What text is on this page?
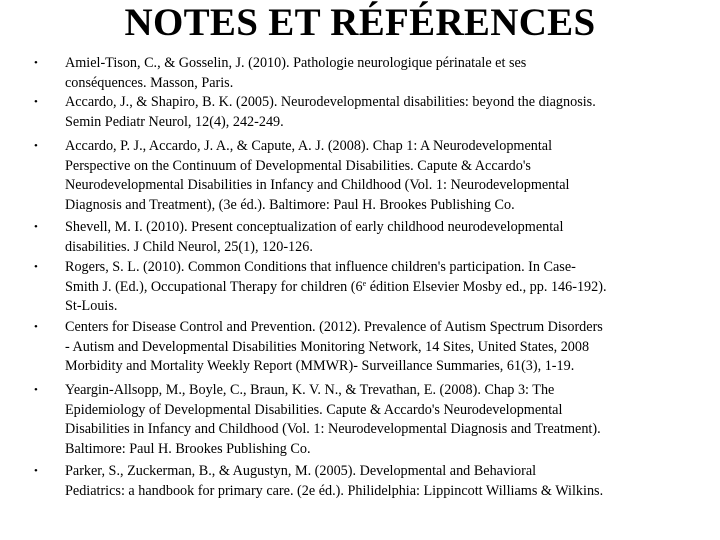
NOTES ET RÉFÉRENCES
•	Amiel-Tison, C., & Gosselin, J. (2010). Pathologie neurologique périnatale et ses
conséquences. Masson, Paris.
•	Accardo, J., & Shapiro, B. K. (2005). Neurodevelopmental disabilities: beyond the diagnosis.
Semin Pediatr Neurol, 12(4), 242-249.
•	Accardo, P. J., Accardo, J. A., & Capute, A. J. (2008). Chap 1: A Neurodevelopmental
Perspective on the Continuum of Developmental Disabilities. Capute & Accardo's
Neurodevelopmental Disabilities in Infancy and Childhood (Vol. 1: Neurodevelopmental
Diagnosis and Treatment), (3e éd.). Baltimore: Paul H. Brookes Publishing Co.
•	Shevell, M. I. (2010). Present conceptualization of early childhood neurodevelopmental
disabilities. J Child Neurol, 25(1), 120-126.
•	Rogers, S. L. (2010). Common Conditions that influence children's participation. In Case-
Smith J. (Ed.), Occupational Therapy for children (6e édition Elsevier Mosby ed., pp. 146-192).
St-Louis.
•	Centers for Disease Control and Prevention. (2012). Prevalence of Autism Spectrum Disorders
- Autism and Developmental Disabilities Monitoring Network, 14 Sites, United States, 2008
Morbidity and Mortality Weekly Report (MMWR)- Surveillance Summaries, 61(3), 1-19.
•	Yeargin-Allsopp, M., Boyle, C., Braun, K. V. N., & Trevathan, E. (2008). Chap 3: The
Epidemiology of Developmental Disabilities. Capute & Accardo's Neurodevelopmental
Disabilities in Infancy and Childhood (Vol. 1: Neurodevelopmental Diagnosis and Treatment).
Baltimore: Paul H. Brookes Publishing Co.
•	Parker, S., Zuckerman, B., & Augustyn, M. (2005). Developmental and Behavioral
Pediatrics: a handbook for primary care. (2e éd.). Philidelphia: Lippincott Williams & Wilkins.
